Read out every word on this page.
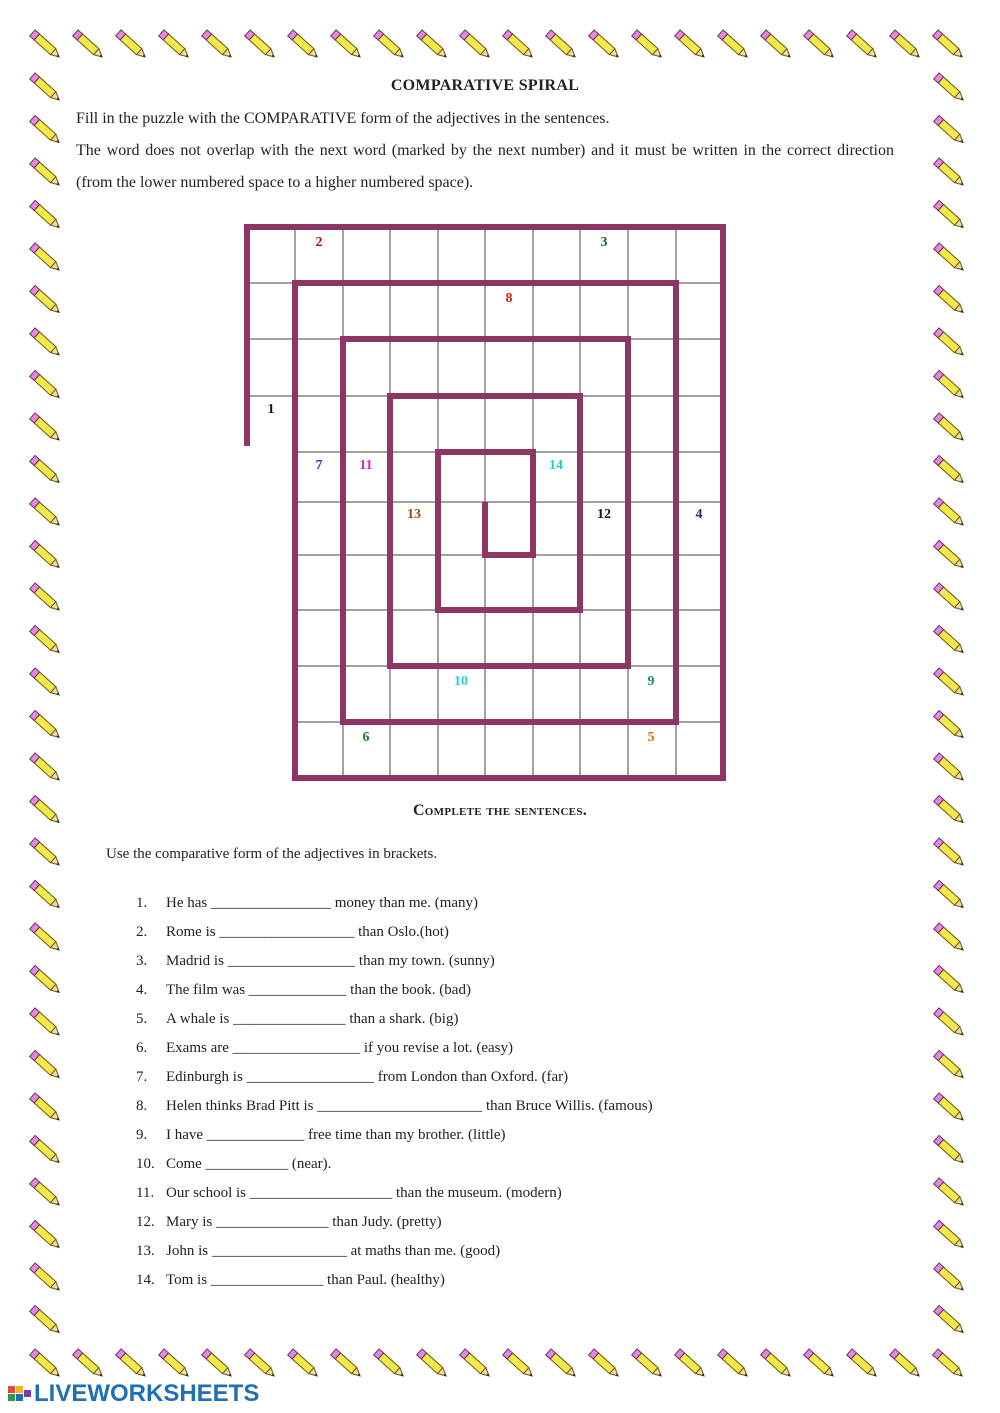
COMPARATIVE SPIRAL
Fill in the puzzle with the COMPARATIVE form of the adjectives in the sentences.
The word does not overlap with the next word (marked by the next number) and it must be written in the correct direction (from the lower numbered space to a higher numbered space).
1
2	3
4
5
6
7
8
9
10
11
12
13
14
Complete the sentences.
Use the comparative form of the adjectives in brackets.
1. He has ________________ money than me. (many)
2. Rome is __________________ than Oslo.(hot)
3. Madrid is _________________ than my town. (sunny)
4. The film was _____________ than the book. (bad)
5. A whale is _______________ than a shark. (big)
6. Exams are _________________ if you revise a lot. (easy)
7. Edinburgh is _________________ from London than Oxford. (far)
8. Helen thinks Brad Pitt is ______________________ than Bruce Willis. (famous)
9. I have _____________ free time than my brother. (little)
10. Come ___________ (near).
11. Our school is ___________________ than the museum. (modern)
12. Mary is _______________ than Judy. (pretty)
13. John is __________________ at maths than me. (good)
14. Tom is _______________ than Paul. (healthy)
LIVEWORKSHEETS
